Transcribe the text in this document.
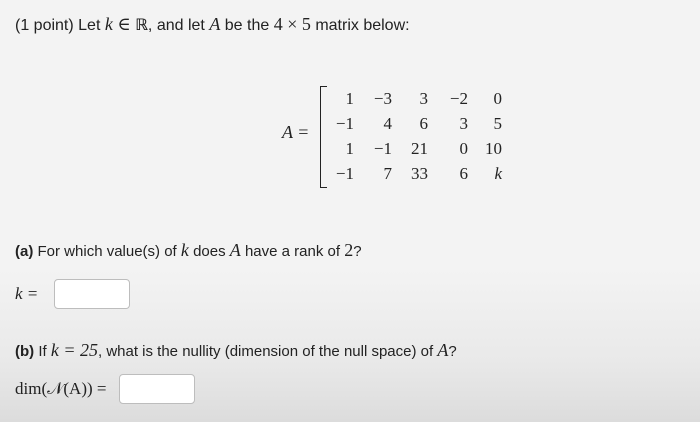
(1 point) Let k ∈ ℝ, and let A be the 4 × 5 matrix below:
A =
1	−3	3	−2	0
−1	4	6	3	5
1	−1	21	0	10
−1	7	33	6	k
(a) For which value(s) of k does A have a rank of 2?
k =
(b) If k = 25, what is the nullity (dimension of the null space) of A?
dim(𝒩(A)) =
